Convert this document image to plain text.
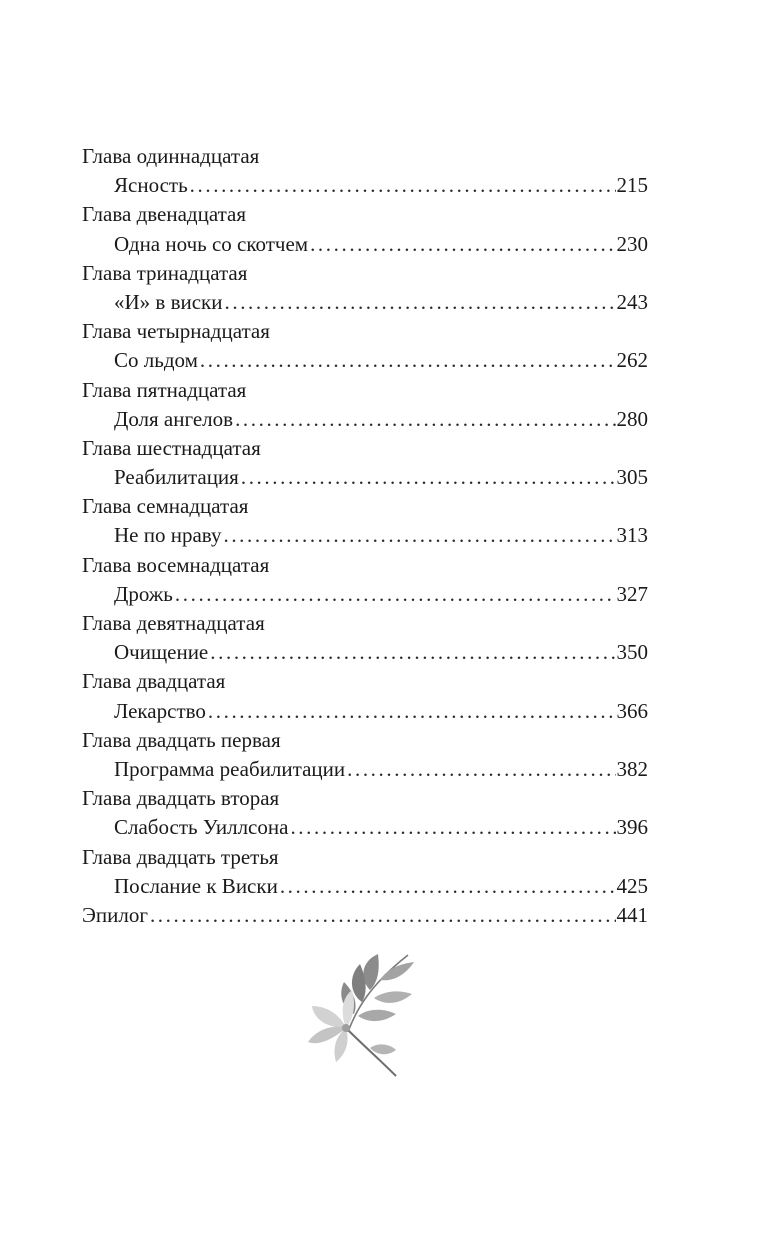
Глава одиннадцатая
Ясность .....	215
Глава двенадцатая
Одна ночь со скотчем .....	230
Глава тринадцатая
«И» в виски .....	243
Глава четырнадцатая
Со льдом .....	262
Глава пятнадцатая
Доля ангелов .....	280
Глава шестнадцатая
Реабилитация .....	305
Глава семнадцатая
Не по нраву .....	313
Глава восемнадцатая
Дрожь .....	327
Глава девятнадцатая
Очищение .....	350
Глава двадцатая
Лекарство .....	366
Глава двадцать первая
Программа реабилитации .....	382
Глава двадцать вторая
Слабость Уиллсона .....	396
Глава двадцать третья
Послание к Виски .....	425
Эпилог .....	441
